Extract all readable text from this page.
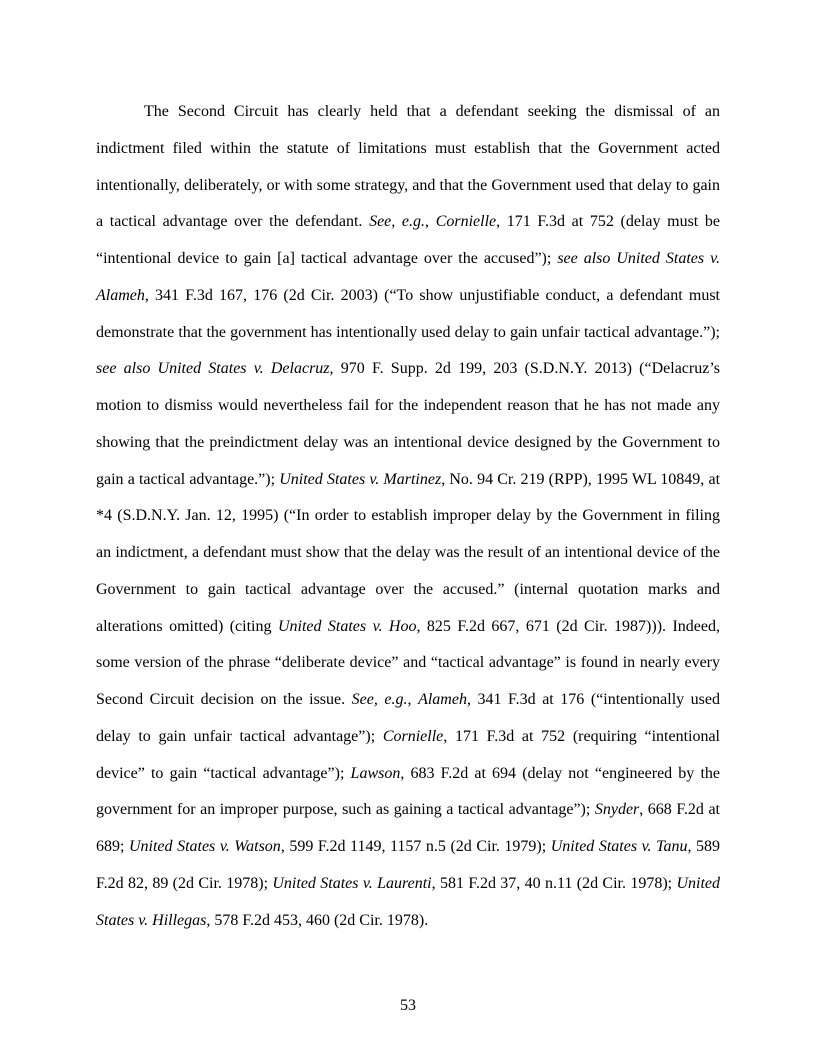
The Second Circuit has clearly held that a defendant seeking the dismissal of an indictment filed within the statute of limitations must establish that the Government acted intentionally, deliberately, or with some strategy, and that the Government used that delay to gain a tactical advantage over the defendant. See, e.g., Cornielle, 171 F.3d at 752 (delay must be “intentional device to gain [a] tactical advantage over the accused”); see also United States v. Alameh, 341 F.3d 167, 176 (2d Cir. 2003) (“To show unjustifiable conduct, a defendant must demonstrate that the government has intentionally used delay to gain unfair tactical advantage.”); see also United States v. Delacruz, 970 F. Supp. 2d 199, 203 (S.D.N.Y. 2013) (“Delacruz’s motion to dismiss would nevertheless fail for the independent reason that he has not made any showing that the preindictment delay was an intentional device designed by the Government to gain a tactical advantage.”); United States v. Martinez, No. 94 Cr. 219 (RPP), 1995 WL 10849, at *4 (S.D.N.Y. Jan. 12, 1995) (“In order to establish improper delay by the Government in filing an indictment, a defendant must show that the delay was the result of an intentional device of the Government to gain tactical advantage over the accused.” (internal quotation marks and alterations omitted) (citing United States v. Hoo, 825 F.2d 667, 671 (2d Cir. 1987))). Indeed, some version of the phrase “deliberate device” and “tactical advantage” is found in nearly every Second Circuit decision on the issue. See, e.g., Alameh, 341 F.3d at 176 (“intentionally used delay to gain unfair tactical advantage”); Cornielle, 171 F.3d at 752 (requiring “intentional device” to gain “tactical advantage”); Lawson, 683 F.2d at 694 (delay not “engineered by the government for an improper purpose, such as gaining a tactical advantage”); Snyder, 668 F.2d at 689; United States v. Watson, 599 F.2d 1149, 1157 n.5 (2d Cir. 1979); United States v. Tanu, 589 F.2d 82, 89 (2d Cir. 1978); United States v. Laurenti, 581 F.2d 37, 40 n.11 (2d Cir. 1978); United States v. Hillegas, 578 F.2d 453, 460 (2d Cir. 1978).

53
